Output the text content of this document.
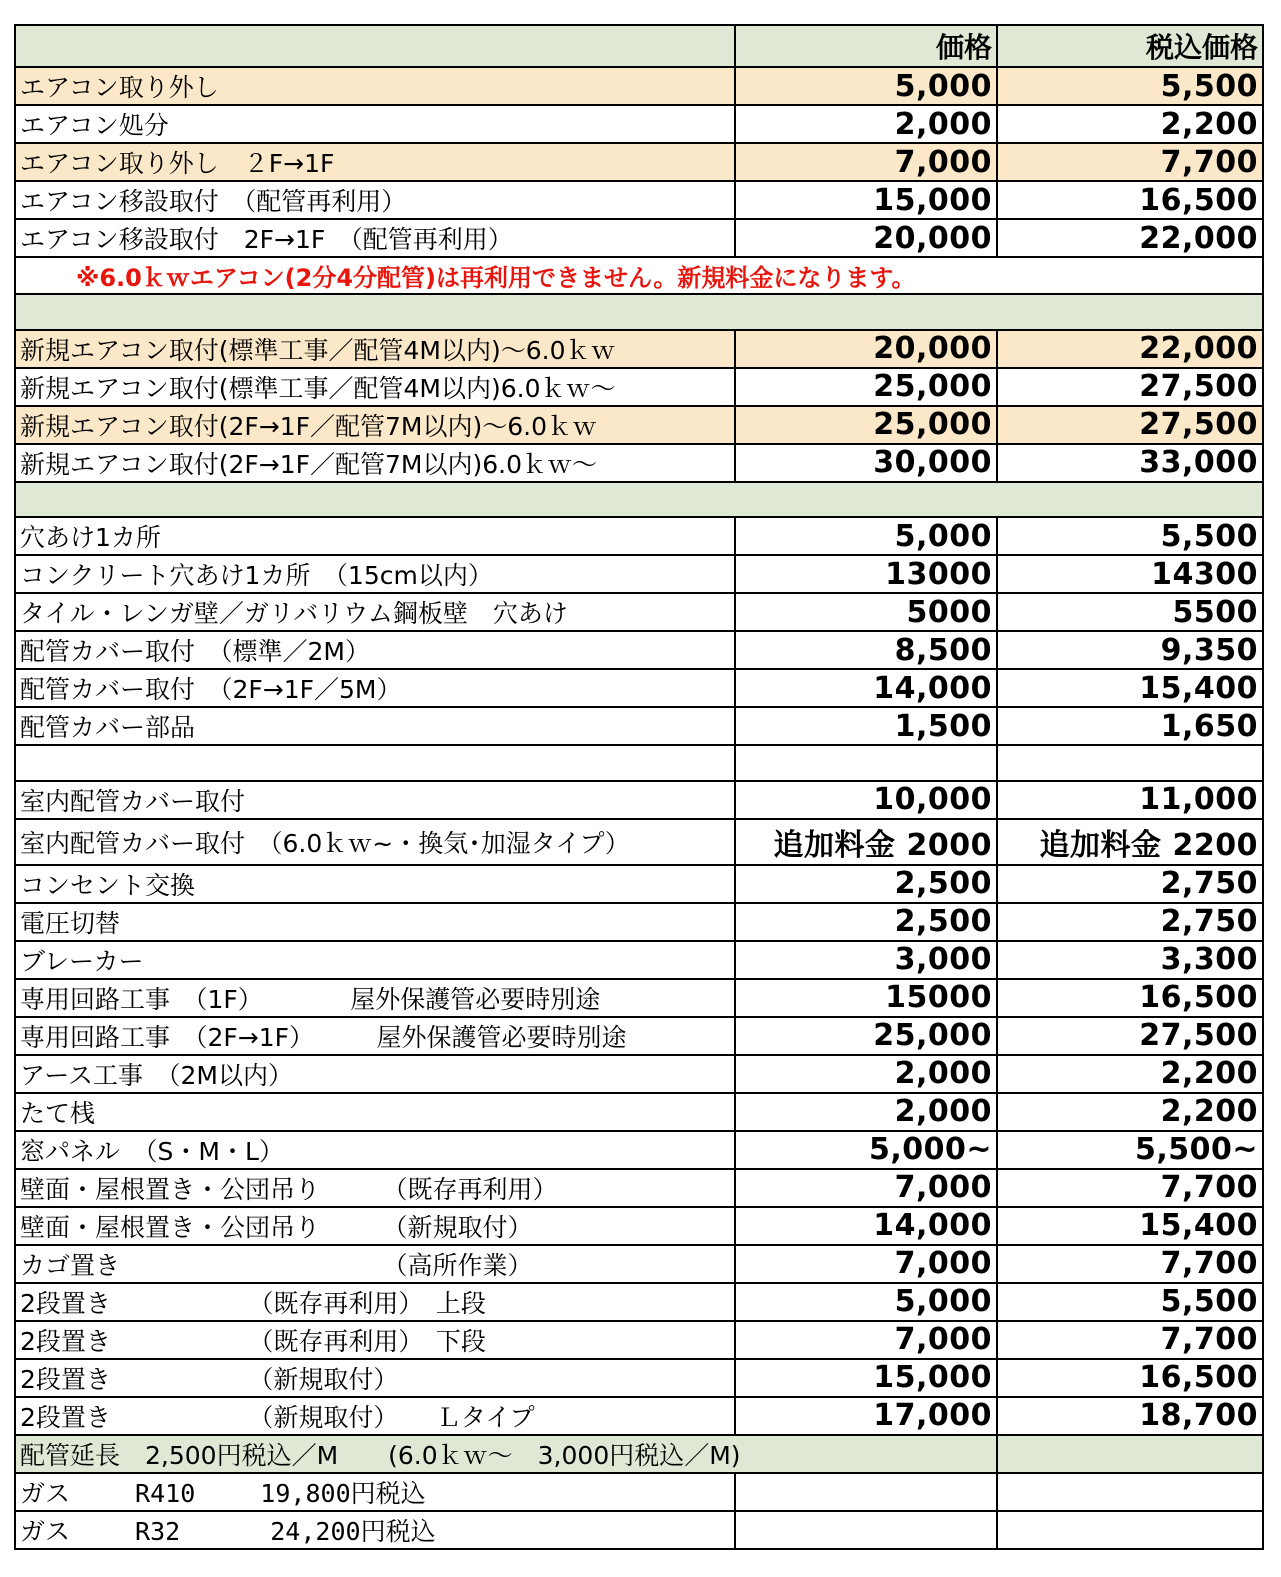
	価格	税込価格
エアコン取り外し	5,000	5,500
エアコン処分	2,000	2,200
エアコン取り外し　２F→1F	7,000	7,700
エアコン移設取付　（配管再利用）	15,000	16,500
エアコン移設取付　2F→1F　（配管再利用）	20,000	22,000
※6.0ｋｗエアコン(2分4分配管)は再利用できません。新規料金になります。		

新規エアコン取付(標準工事／配管4M以内)～6.0ｋｗ	20,000	22,000
新規エアコン取付(標準工事／配管4M以内)6.0ｋｗ～	25,000	27,500
新規エアコン取付(2F→1F／配管7M以内)～6.0ｋｗ	25,000	27,500
新規エアコン取付(2F→1F／配管7M以内)6.0ｋｗ～	30,000	33,000

穴あけ1カ所	5,000	5,500
コンクリート穴あけ1カ所　（15cm以内）	13000	14300
タイル・レンガ壁／ガリバリウム鋼板壁　穴あけ	5000	5500
配管カバー取付　（標準／2M）	8,500	9,350
配管カバー取付　（2F→1F／5M）	14,000	15,400
配管カバー部品	1,500	1,650

室内配管カバー取付	10,000	11,000
室内配管カバー取付　（6.0ｋｗ~・換気･加湿タイプ）	追加料金 2000	追加料金 2200
コンセント交換	2,500	2,750
電圧切替	2,500	2,750
ブレーカー	3,000	3,300
専用回路工事　（1F）　　　　屋外保護管必要時別途	15000	16,500
専用回路工事　（2F→1F）　　　屋外保護管必要時別途	25,000	27,500
アース工事　（2M以内）	2,000	2,200
たて桟	2,000	2,200
窓パネル　（S・M・L）	5,000~	5,500~
壁面・屋根置き・公団吊り　　　（既存再利用）	7,000	7,700
壁面・屋根置き・公団吊り　　　（新規取付）	14,000	15,400
カゴ置き　　　　　　　　　　　（高所作業）	7,000	7,700
2段置き　　　　　　（既存再利用）　上段	5,000	5,500
2段置き　　　　　　（既存再利用）　下段	7,000	7,700
2段置き　　　　　　（新規取付）	15,000	16,500
2段置き　　　　　　（新規取付）　　Ｌタイプ	17,000	18,700
配管延長　2,500円税込／M　　(6.0ｋｗ～　3,000円税込／M)		
ガス　　 R410　　 19,800円税込		
ガス　　 R32　　　 24,200円税込		
